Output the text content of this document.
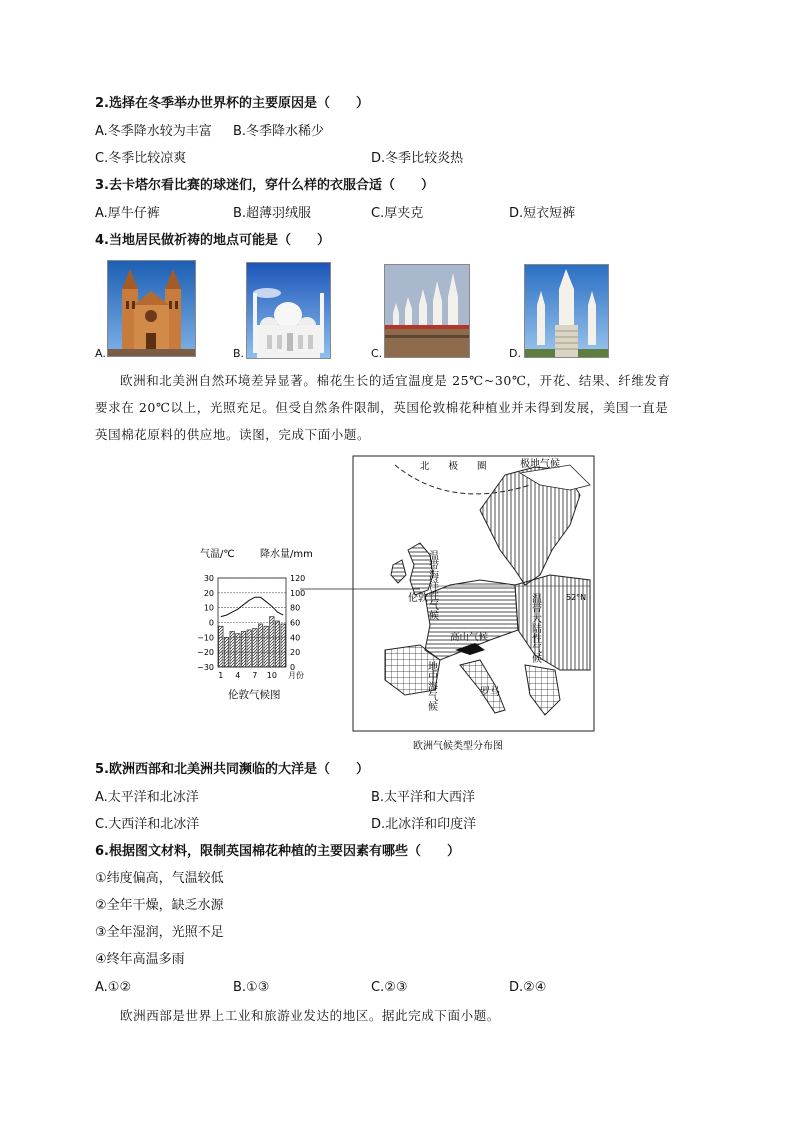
2.选择在冬季举办世界杯的主要原因是（　　）
A.冬季降水较为丰富 B.冬季降水稀少
C.冬季比较凉爽	D.冬季比较炎热
3.去卡塔尔看比赛的球迷们，穿什么样的衣服合适（　　）
A.厚牛仔裤	B.超薄羽绒服	C.厚夹克	D.短衣短裤
4.当地居民做祈祷的地点可能是（　　）
A.	B.	C.	D.
欧洲和北美洲自然环境差异显著。棉花生长的适宜温度是 25℃~30℃，开花、结果、纤维发育
要求在 20℃以上，光照充足。但受自然条件限制，英国伦敦棉花种植业并未得到发展，美国一直是
英国棉花原料的供应地。读图，完成下面小题。
气温/℃	降水量/mm
30	120
20	100
10	80
0	60
−10	40
−20	20
−30	0
1 4 7 10 月份
伦敦气候图
极地气候
北　　极　　圈
伦敦	52°N
高山气候
罗马
温带海洋性气候
温带大陆性气候
地中海气候
欧洲气候类型分布图
5.欧洲西部和北美洲共同濒临的大洋是（　　）
A.太平洋和北冰洋	B.太平洋和大西洋
C.大西洋和北冰洋	D.北冰洋和印度洋
6.根据图文材料，限制英国棉花种植的主要因素有哪些（　　）
①纬度偏高，气温较低
②全年干燥，缺乏水源
③全年湿润，光照不足
④终年高温多雨
A.①②	B.①③	C.②③	D.②④
欧洲西部是世界上工业和旅游业发达的地区。据此完成下面小题。
